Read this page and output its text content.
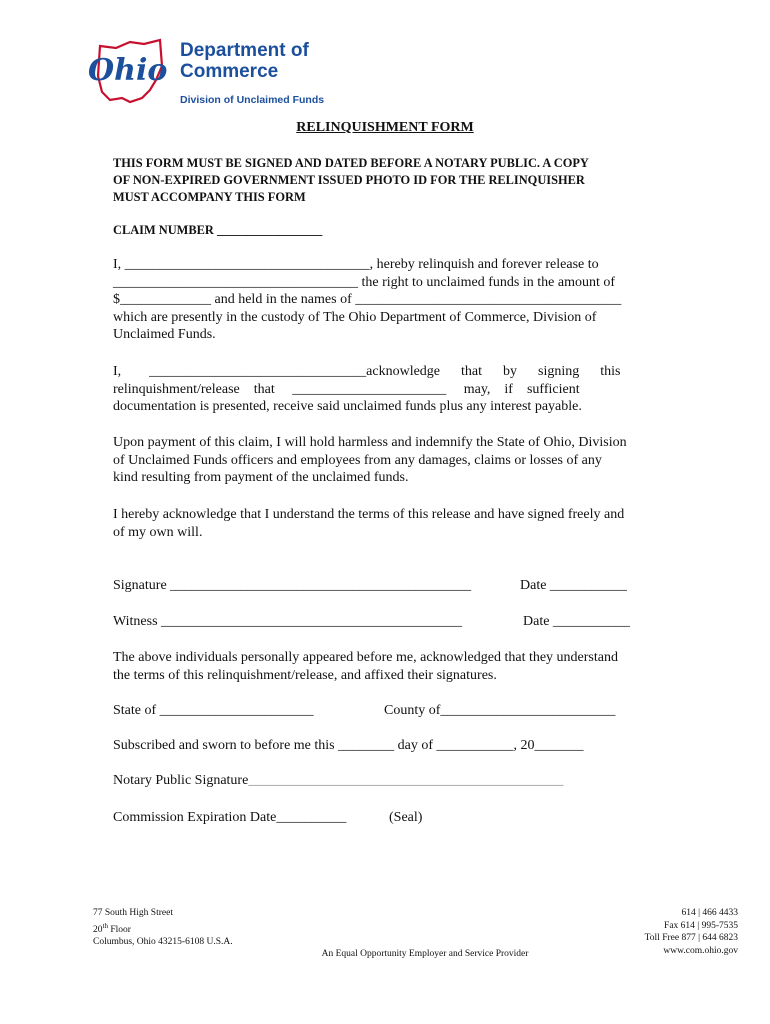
Ohio
Department of
Commerce
Division of Unclaimed Funds
RELINQUISHMENT FORM
THIS FORM MUST BE SIGNED AND DATED BEFORE A NOTARY PUBLIC. A COPY
OF NON-EXPIRED GOVERNMENT ISSUED PHOTO ID FOR THE RELINQUISHER
MUST ACCOMPANY THIS FORM
CLAIM NUMBER _________________
I, ___________________________________, hereby relinquish and forever release to
___________________________________ the right to unclaimed funds in the amount of
$_____________ and held in the names of ______________________________________
which are presently in the custody of The Ohio Department of Commerce, Division of
Unclaimed Funds.
I,        _______________________________acknowledge      that      by      signing      this
relinquishment/release    that     ______________________     may,    if    sufficient
documentation is presented, receive said unclaimed funds plus any interest payable.
Upon payment of this claim, I will hold harmless and indemnify the State of Ohio, Division
of Unclaimed Funds officers and employees from any damages, claims or losses of any
kind resulting from payment of the unclaimed funds.
I hereby acknowledge that I understand the terms of this release and have signed freely and
of my own will.
Signature ___________________________________________	Date ___________
Witness ___________________________________________	Date ___________
The above individuals personally appeared before me, acknowledged that they understand
the terms of this relinquishment/release, and affixed their signatures.
State of ______________________	County of_________________________
Subscribed and sworn to before me this ________ day of ___________, 20_______
Notary Public Signature_____________________________________________
Commission Expiration Date__________	(Seal)
77 South High Street
20th Floor
Columbus, Ohio 43215-6108 U.S.A.
614 | 466 4433
Fax 614 | 995-7535
Toll Free 877 | 644 6823
www.com.ohio.gov
An Equal Opportunity Employer and Service Provider
